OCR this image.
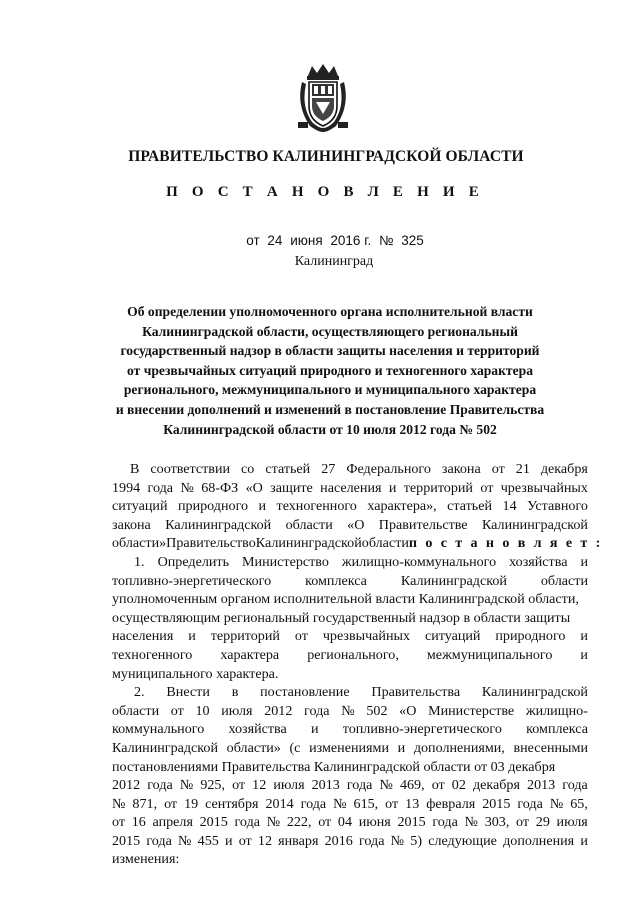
ПРАВИТЕЛЬСТВО КАЛИНИНГРАДСКОЙ ОБЛАСТИ
П О С Т А Н О В Л Е Н И Е
от 24 июня 2016 г. № 325
Калининград
Об определении уполномоченного органа исполнительной власти
Калининградской области, осуществляющего региональный
государственный надзор в области защиты населения и территорий
от чрезвычайных ситуаций природного и техногенного характера
регионального, межмуниципального и муниципального характера
и внесении дополнений и изменений в постановление Правительства
Калининградской области от 10 июля 2012 года № 502
В соответствии со статьей 27 Федерального закона от 21 декабря
1994 года № 68-ФЗ «О защите населения и территорий от чрезвычайных
ситуаций природного и техногенного характера», статьей 14 Уставного
закона Калининградской области «О Правительстве Калининградской
области» Правительство Калининградской области п о с т а н о в л я е т :
1. Определить Министерство жилищно-коммунального хозяйства и
топливно-энергетического комплекса Калининградской области
уполномоченным органом исполнительной власти Калининградской области,
осуществляющим региональный государственный надзор в области защиты
населения и территорий от чрезвычайных ситуаций природного и
техногенного характера регионального, межмуниципального и
муниципального характера.
2. Внести в постановление Правительства Калининградской
области от 10 июля 2012 года № 502 «О Министерстве жилищно-
коммунального хозяйства и топливно-энергетического комплекса
Калининградской области» (с изменениями и дополнениями, внесенными
постановлениями Правительства Калининградской области от 03 декабря
2012 года № 925, от 12 июля 2013 года № 469, от 02 декабря 2013 года
№ 871, от 19 сентября 2014 года № 615, от 13 февраля 2015 года № 65,
от 16 апреля 2015 года № 222, от 04 июня 2015 года № 303, от 29 июля
2015 года № 455 и от 12 января 2016 года № 5) следующие дополнения и
изменения:
